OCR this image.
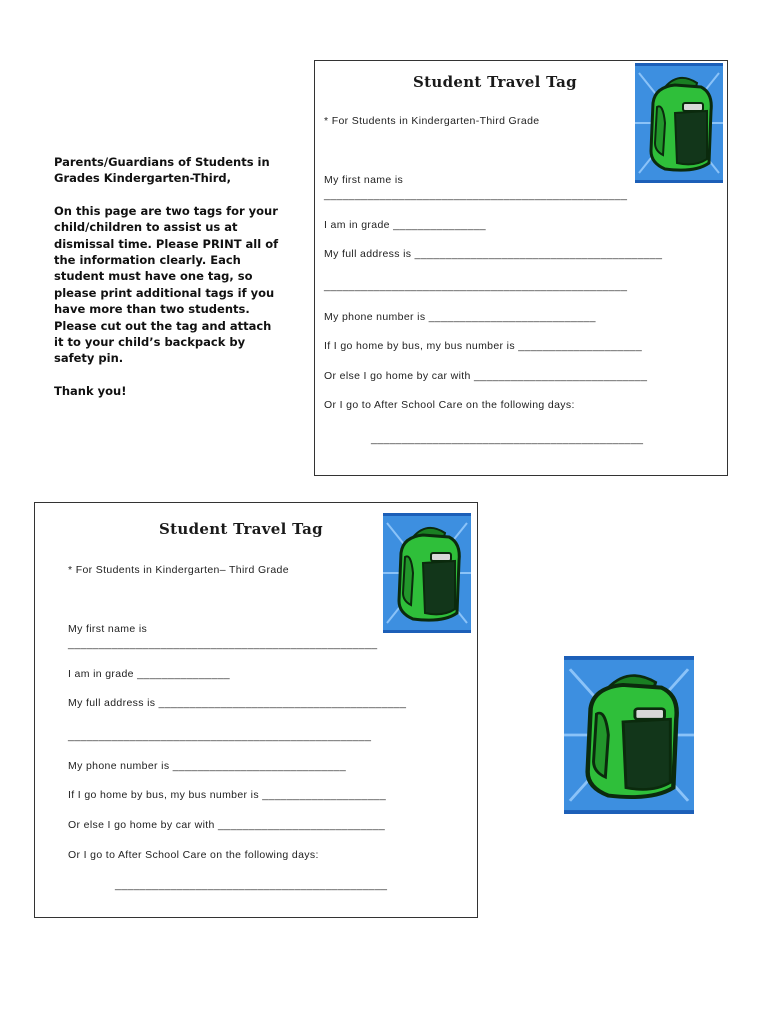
Parents/Guardians of Students in Grades Kindergarten-Third,

On this page are two tags for your child/children to assist us at dismissal time. Please PRINT all of the information clearly. Each student must have one tag, so please print additional tags if you have more than two students. Please cut out the tag and attach it to your child’s backpack by safety pin.

Thank you!

Student Travel Tag
* For Students in Kindergarten-Third Grade
My first name is
_________________________________________________
I am in grade _______________
My full address is ________________________________________
_________________________________________________
My phone number is ___________________________
If I go home by bus, my bus number is ____________________
Or else I go home by car with ____________________________
Or I go to After School Care on the following days:
____________________________________________
Student Travel Tag
* For Students in Kindergarten– Third Grade
My first name is
__________________________________________________
I am in grade _______________
My full address is ________________________________________
_________________________________________________
My phone number is ____________________________
If I go home by bus, my bus number is ____________________
Or else I go home by car with ___________________________
Or I go to After School Care on the following days:
____________________________________________
